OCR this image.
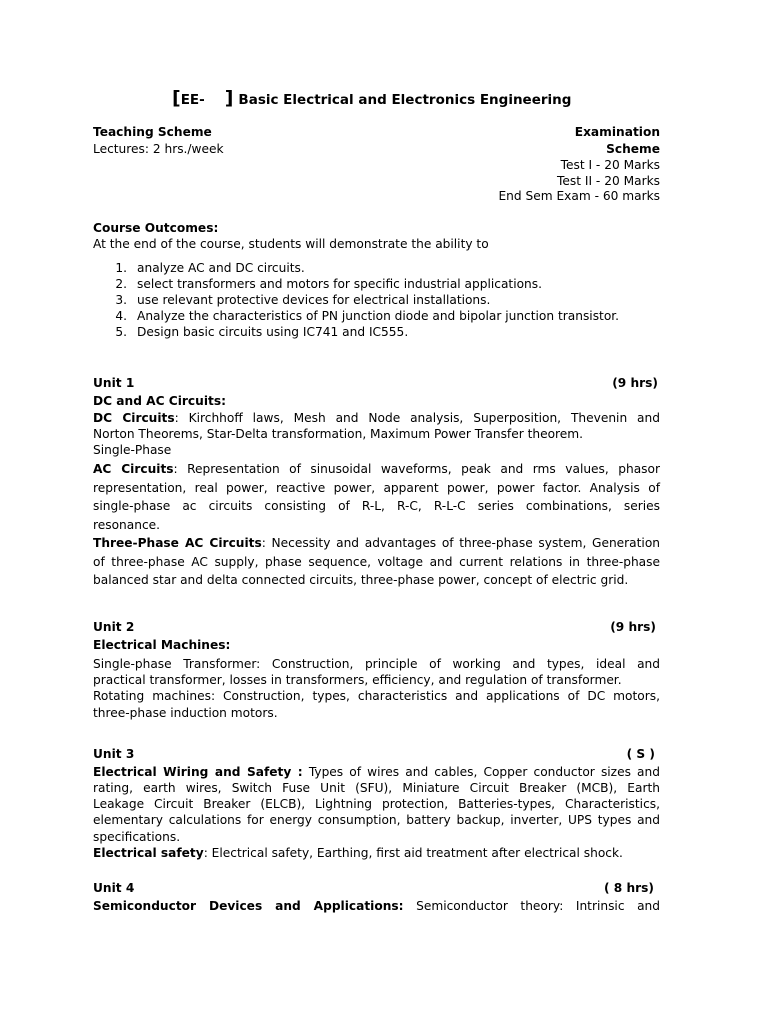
[EE- ] Basic Electrical and Electronics Engineering
Teaching Scheme
Lectures: 2 hrs./week
Examination
Scheme
Test I - 20 Marks
Test II - 20 Marks
End Sem Exam - 60 marks
Course Outcomes:
At the end of the course, students will demonstrate the ability to
1. analyze AC and DC circuits.
2. select transformers and motors for specific industrial applications.
3. use relevant protective devices for electrical installations.
4. Analyze the characteristics of PN junction diode and bipolar junction transistor.
5. Design basic circuits using IC741 and IC555.
Unit 1	(9 hrs)
DC and AC Circuits:
DC Circuits: Kirchhoff laws, Mesh and Node analysis, Superposition, Thevenin and
Norton Theorems, Star-Delta transformation, Maximum Power Transfer theorem.
Single-Phase
AC Circuits: Representation of sinusoidal waveforms, peak and rms values, phasor
representation, real power, reactive power, apparent power, power factor. Analysis of
single-phase ac circuits consisting of R-L, R-C, R-L-C series combinations, series
resonance.
Three-Phase AC Circuits: Necessity and advantages of three-phase system, Generation
of three-phase AC supply, phase sequence, voltage and current relations in three-phase
balanced star and delta connected circuits, three-phase power, concept of electric grid.
Unit 2	(9 hrs)
Electrical Machines:
Single-phase Transformer: Construction, principle of working and types, ideal and
practical transformer, losses in transformers, efficiency, and regulation of transformer.
Rotating machines: Construction, types, characteristics and applications of DC motors,
three-phase induction motors.
Unit 3	( S )
Electrical Wiring and Safety : Types of wires and cables, Copper conductor sizes and
rating, earth wires, Switch Fuse Unit (SFU), Miniature Circuit Breaker (MCB), Earth
Leakage Circuit Breaker (ELCB), Lightning protection, Batteries-types, Characteristics,
elementary calculations for energy consumption, battery backup, inverter, UPS types and
specifications.
Electrical safety: Electrical safety, Earthing, first aid treatment after electrical shock.
Unit 4	( 8 hrs)
Semiconductor Devices and Applications: Semiconductor theory: Intrinsic and
